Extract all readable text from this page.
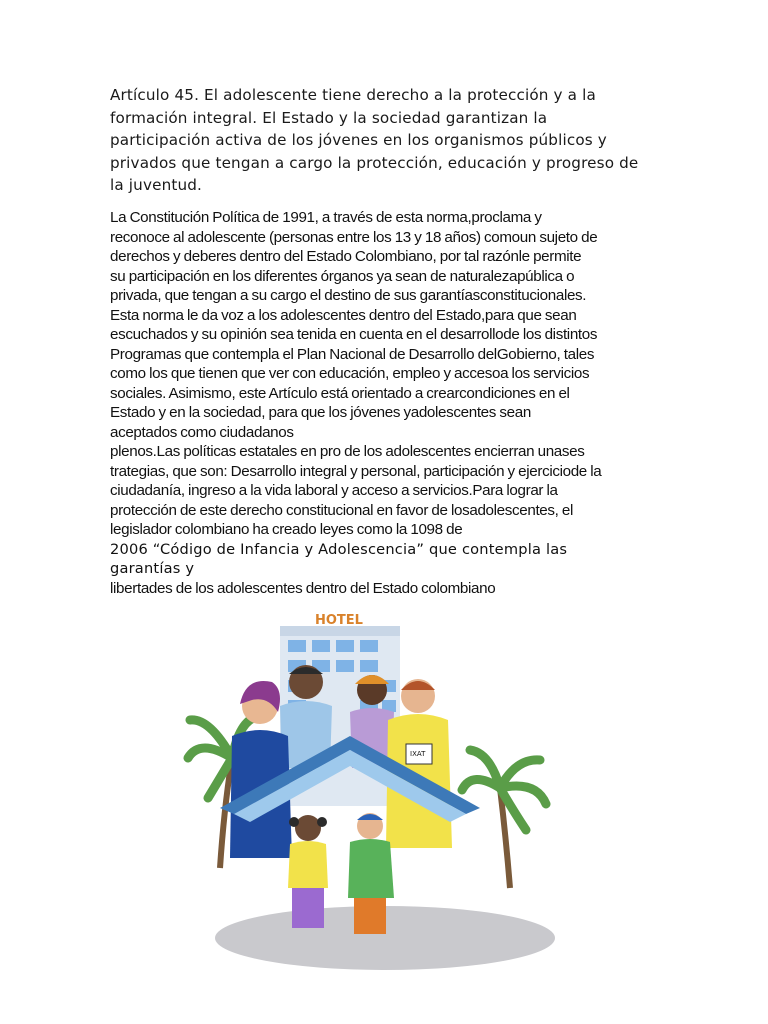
Artículo 45. El adolescente tiene derecho a la protección y a la
formación integral. El Estado y la sociedad garantizan la
participación activa de los jóvenes en los organismos públicos y
privados que tengan a cargo la protección, educación y progreso de
la juventud.
La Constitución Política de 1991, a través de esta norma,proclama y
reconoce al adolescente (personas entre los 13 y 18 años) comoun sujeto de
derechos y deberes dentro del Estado Colombiano, por tal razónle permite
su participación en los diferentes órganos ya sean de naturalezapública o
privada, que tengan a su cargo el destino de sus garantíasconstitucionales.
Esta norma le da voz a los adolescentes dentro del Estado,para que sean
escuchados y su opinión sea tenida en cuenta en el desarrollode los distintos
Programas que contempla el Plan Nacional de Desarrollo delGobierno, tales
como los que tienen que ver con educación, empleo y accesoa los servicios
sociales. Asimismo, este Artículo está orientado a crearcondiciones en el
Estado y en la sociedad, para que los jóvenes yadolescentes sean
aceptados como ciudadanos
plenos.Las políticas estatales en pro de los adolescentes encierran unases
trategias, que son: Desarrollo integral y personal, participación y ejerciciode la
ciudadanía, ingreso a la vida laboral y acceso a servicios.Para lograr la
protección de este derecho constitucional en favor de losadolescentes, el
legislador colombiano ha creado leyes como la 1098 de
2006 “Código de Infancia y Adolescencia” que contempla las
garantías y
libertades de los adolescentes dentro del Estado colombiano
HOTEL
IXAT
